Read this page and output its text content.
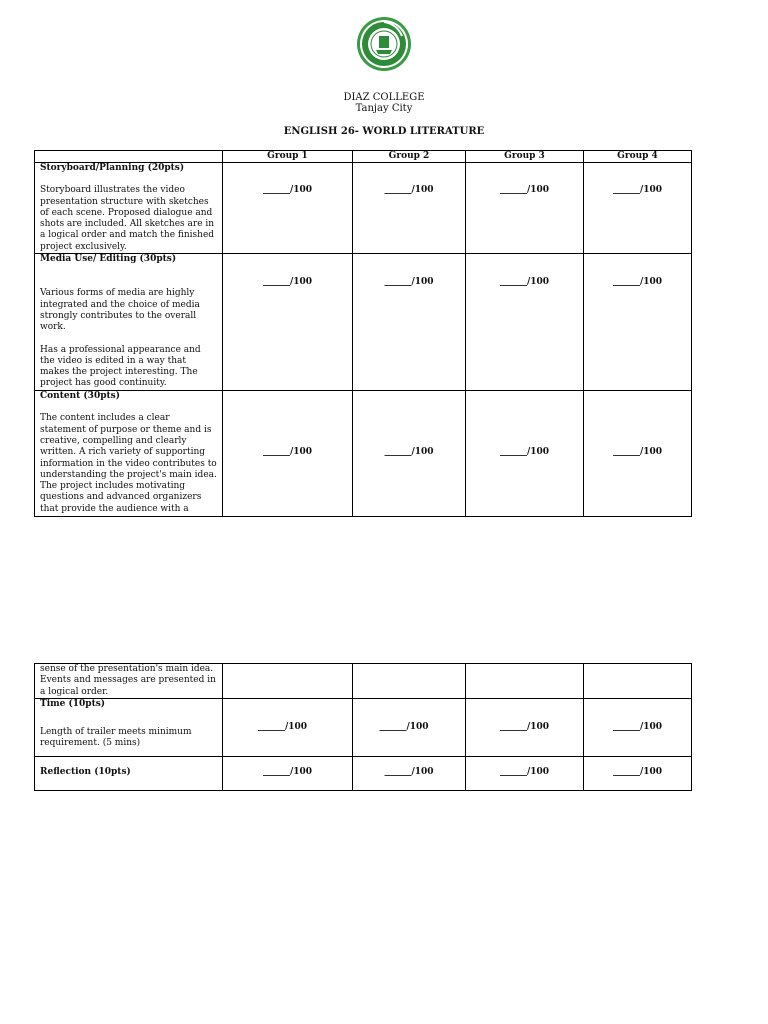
DIAZ COLLEGE
Tanjay City
ENGLISH 26- WORLD LITERATURE
	Group 1	Group 2	Group 3	Group 4

Storyboard/Planning (20pts)
Storyboard illustrates the video presentation structure with sketches of each scene. Proposed dialogue and shots are included. All sketches are in a logical order and match the finished project exclusively.	______/100	______/100	______/100	______/100

Media Use/ Editing (30pts)
Various forms of media are highly integrated and the choice of media strongly contributes to the overall work.
Has a professional appearance and the video is edited in a way that makes the project interesting. The project has good continuity.	______/100	______/100	______/100	______/100

Content (30pts)
The content includes a clear statement of purpose or theme and is creative, compelling and clearly written. A rich variety of supporting information in the video contributes to understanding the project's main idea. The project includes motivating questions and advanced organizers that provide the audience with a	______/100	______/100	______/100	______/100
sense of the presentation's main idea. Events and messages are presented in a logical order.				

Time (10pts)
Length of trailer meets minimum requirement. (5 mins)	______/100	______/100	______/100	______/100

Reflection (10pts)	______/100	______/100	______/100	______/100
